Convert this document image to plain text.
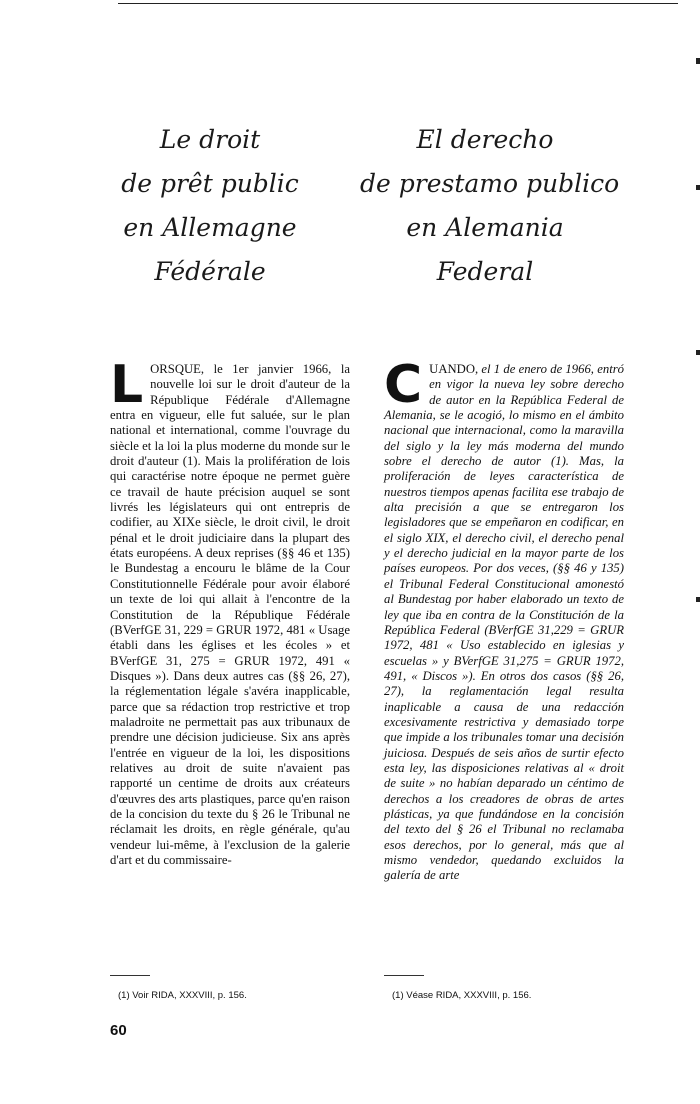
Le droit
de prêt public
en Allemagne
Fédérale
El derecho
de prestamo publico
en Alemania
Federal

L ORSQUE, le 1er janvier 1966, la nouvelle loi sur le droit d'auteur de la République Fédérale d'Allemagne entra en vigueur, elle fut saluée, sur le plan national et international, comme l'ouvrage du siècle et la loi la plus moderne du monde sur le droit d'auteur (1). Mais la prolifération de lois qui caractérise notre époque ne permet guère ce travail de haute précision auquel se sont livrés les législateurs qui ont entrepris de codifier, au XIXe siècle, le droit civil, le droit pénal et le droit judiciaire dans la plupart des états européens. A deux reprises (§§ 46 et 135) le Bundestag a encouru le blâme de la Cour Constitutionnelle Fédérale pour avoir élaboré un texte de loi qui allait à l'encontre de la Constitution de la République Fédérale (BVerfGE 31, 229 = GRUR 1972, 481 « Usage établi dans les églises et les écoles » et BVerfGE 31, 275 = GRUR 1972, 491 « Disques »). Dans deux autres cas (§§ 26, 27), la réglementation légale s'avéra inapplicable, parce que sa rédaction trop restrictive et trop maladroite ne permettait pas aux tribunaux de prendre une décision judicieuse. Six ans après l'entrée en vigueur de la loi, les dispositions relatives au droit de suite n'avaient pas rapporté un centime de droits aux créateurs d'œuvres des arts plastiques, parce qu'en raison de la concision du texte du § 26 le Tribunal ne réclamait les droits, en règle générale, qu'au vendeur lui-même, à l'exclusion de la galerie d'art et du commissaire-

C UANDO, el 1 de enero de 1966, entró en vigor la nueva ley sobre derecho de autor en la República Federal de Alemania, se le acogió, lo mismo en el ámbito nacional que internacional, como la maravilla del siglo y la ley más moderna del mundo sobre el derecho de autor (1). Mas, la proliferación de leyes característica de nuestros tiempos apenas facilita ese trabajo de alta precisión a que se entregaron los legisladores que se empeñaron en codificar, en el siglo XIX, el derecho civil, el derecho penal y el derecho judicial en la mayor parte de los países europeos. Por dos veces, (§§ 46 y 135) el Tribunal Federal Constitucional amonestó al Bundestag por haber elaborado un texto de ley que iba en contra de la Constitución de la República Federal (BVerfGE 31,229 = GRUR 1972, 481 « Uso establecido en iglesias y escuelas » y BVerfGE 31,275 = GRUR 1972, 491, « Discos »). En otros dos casos (§§ 26, 27), la reglamentación legal resulta inaplicable a causa de una redacción excesivamente restrictiva y demasiado torpe que impide a los tribunales tomar una decisión juiciosa. Después de seis años de surtir efecto esta ley, las disposiciones relativas al « droit de suite » no habían deparado un céntimo de derechos a los creadores de obras de artes plásticas, ya que fundándose en la concisión del texto del § 26 el Tribunal no reclamaba esos derechos, por lo general, más que al mismo vendedor, quedando excluidos la galería de arte

(1) Voir RIDA, XXXVIII, p. 156.	(1) Véase RIDA, XXXVIII, p. 156.
60
